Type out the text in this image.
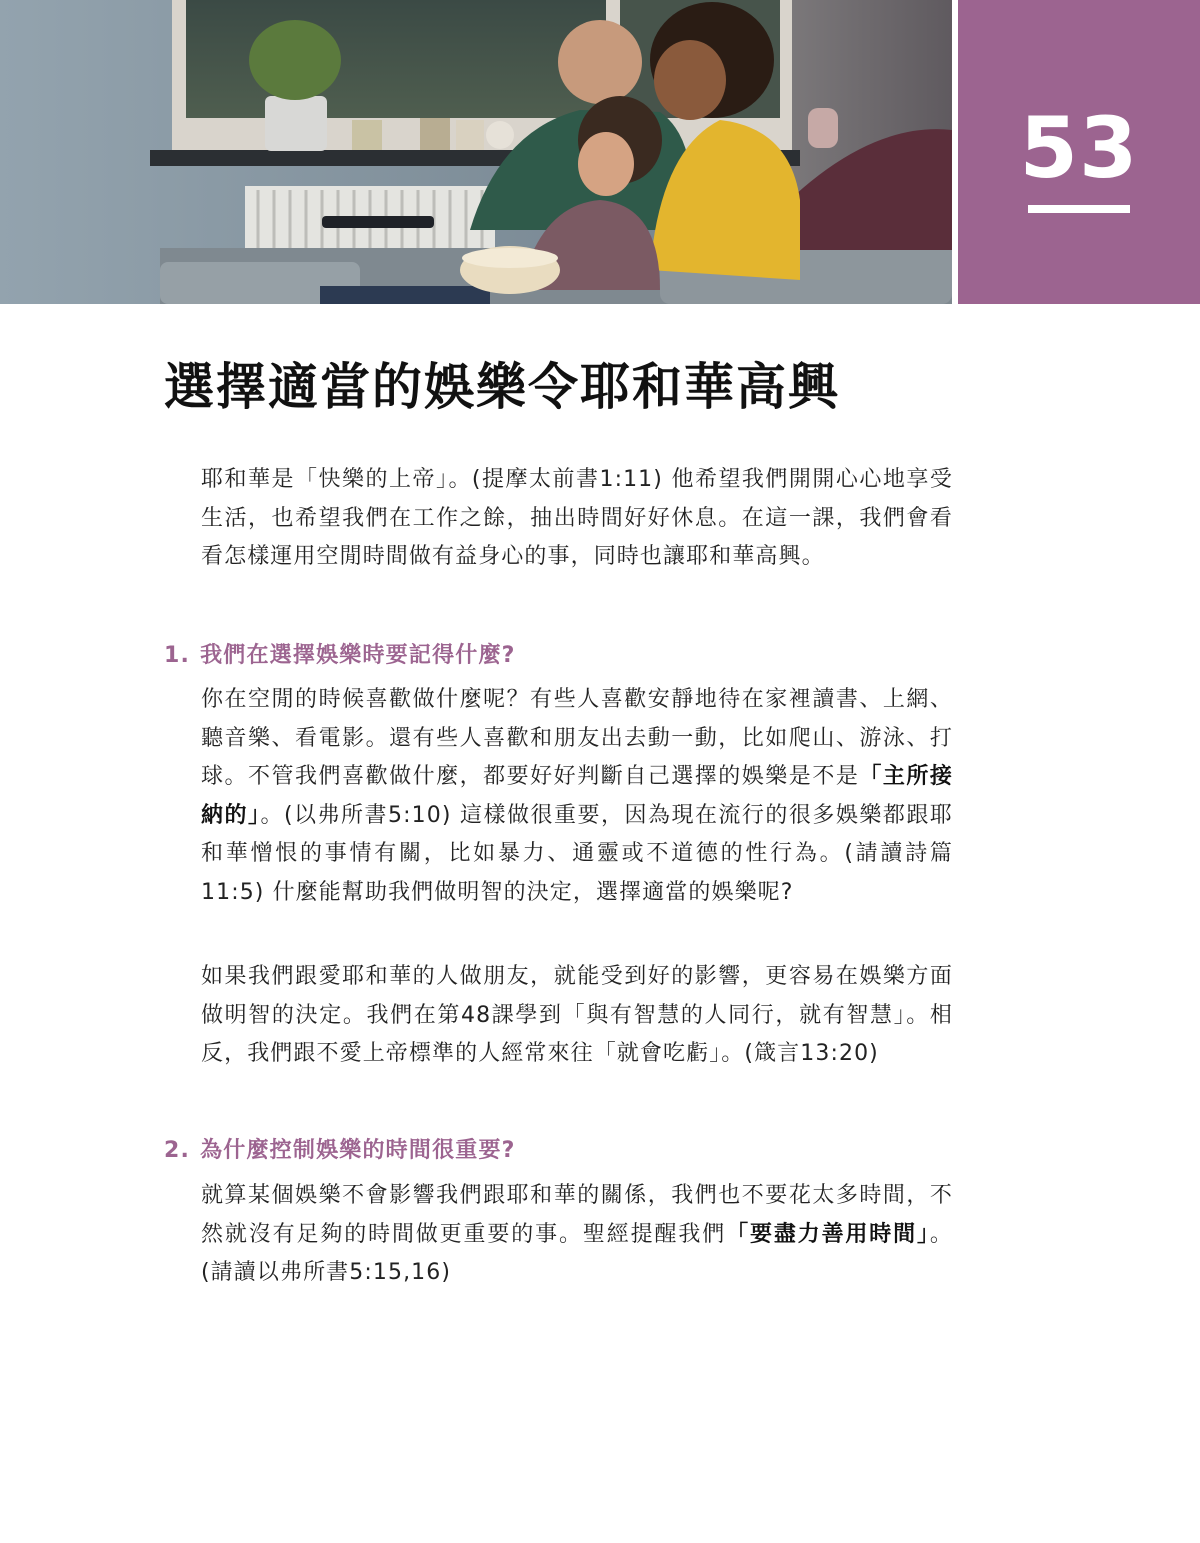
53
選擇適當的娛樂令耶和華高興

耶和華是「快樂的上帝」。(提摩太前書1:11) 他希望我們開開心心地享受生活，也希望我們在工作之餘，抽出時間好好休息。在這一課，我們會看看怎樣運用空閒時間做有益身心的事，同時也讓耶和華高興。

1. 我們在選擇娛樂時要記得什麼?

你在空閒的時候喜歡做什麼呢？有些人喜歡安靜地待在家裡讀書、上網、聽音樂、看電影。還有些人喜歡和朋友出去動一動，比如爬山、游泳、打球。不管我們喜歡做什麼，都要好好判斷自己選擇的娛樂是不是「主所接納的」。(以弗所書5:10) 這樣做很重要，因為現在流行的很多娛樂都跟耶和華憎恨的事情有關，比如暴力、通靈或不道德的性行為。(請讀詩篇11:5) 什麼能幫助我們做明智的決定，選擇適當的娛樂呢?

如果我們跟愛耶和華的人做朋友，就能受到好的影響，更容易在娛樂方面做明智的決定。我們在第48課學到「與有智慧的人同行，就有智慧」。相反，我們跟不愛上帝標準的人經常來往「就會吃虧」。(箴言13:20)

2. 為什麼控制娛樂的時間很重要?

就算某個娛樂不會影響我們跟耶和華的關係，我們也不要花太多時間，不然就沒有足夠的時間做更重要的事。聖經提醒我們「要盡力善用時間」。(請讀以弗所書5:15,16)
